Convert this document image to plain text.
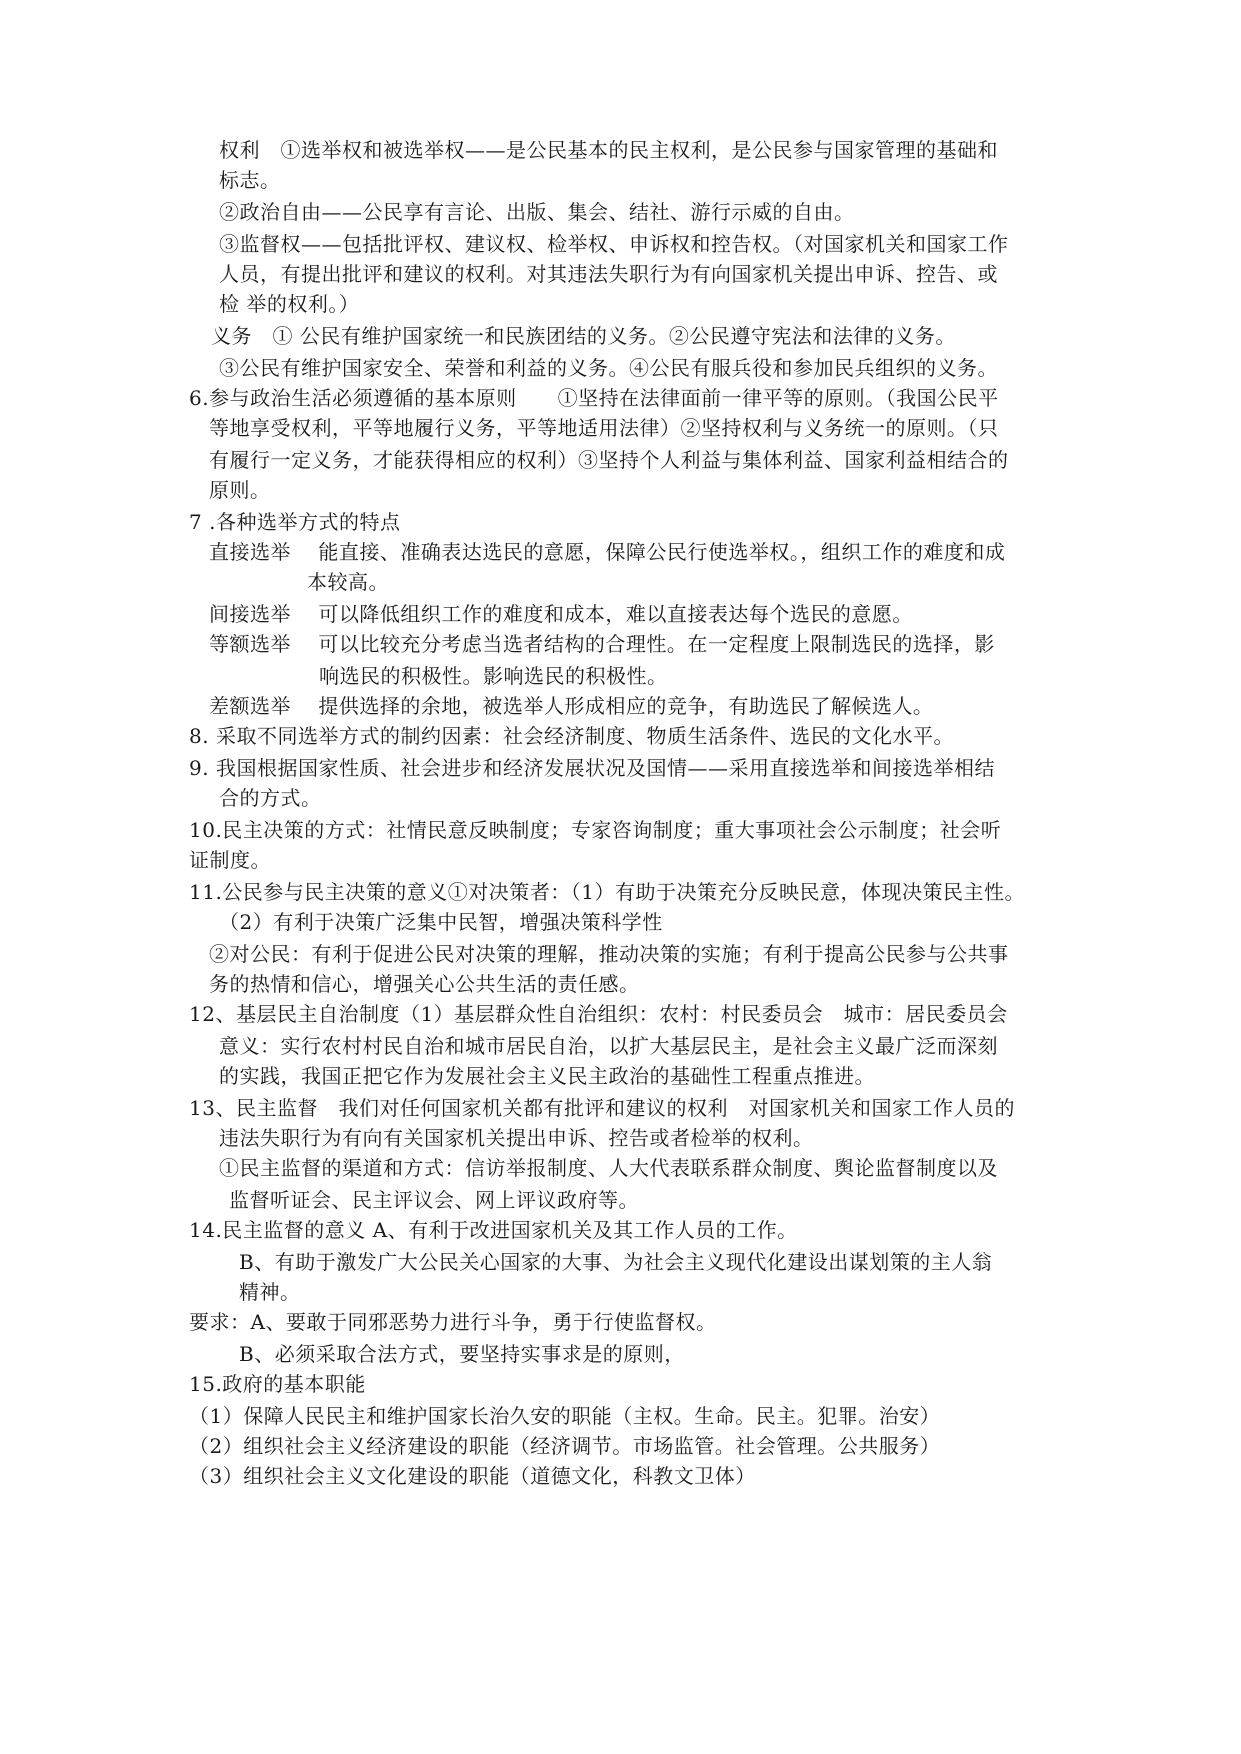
权利　①选举权和被选举权——是公民基本的民主权利，是公民参与国家管理的基础和
标志。
②政治自由——公民享有言论、出版、集会、结社、游行示威的自由。
③监督权——包括批评权、建议权、检举权、申诉权和控告权。（对国家机关和国家工作
人员，有提出批评和建议的权利。对其违法失职行为有向国家机关提出申诉、控告、或
检 举的权利。）
义务　① 公民有维护国家统一和民族团结的义务。②公民遵守宪法和法律的义务。
③公民有维护国家安全、荣誉和利益的义务。④公民有服兵役和参加民兵组织的义务。
6.参与政治生活必须遵循的基本原则　　①坚持在法律面前一律平等的原则。（我国公民平
等地享受权利，平等地履行义务，平等地适用法律）②坚持权利与义务统一的原则。（只
有履行一定义务，才能获得相应的权利）③坚持个人利益与集体利益、国家利益相结合的
原则。
7 .各种选举方式的特点
直接选举　 能直接、准确表达选民的意愿，保障公民行使选举权。，组织工作的难度和成
本较高。
间接选举　 可以降低组织工作的难度和成本，难以直接表达每个选民的意愿。
等额选举　 可以比较充分考虑当选者结构的合理性。在一定程度上限制选民的选择，影
响选民的积极性。影响选民的积极性。
差额选举　 提供选择的余地，被选举人形成相应的竞争，有助选民了解候选人。
8. 采取不同选举方式的制约因素：社会经济制度、物质生活条件、选民的文化水平。
9. 我国根据国家性质、社会进步和经济发展状况及国情——采用直接选举和间接选举相结
合的方式。
10.民主决策的方式：社情民意反映制度；专家咨询制度；重大事项社会公示制度；社会听
证制度。
11.公民参与民主决策的意义①对决策者：（1）有助于决策充分反映民意，体现决策民主性。
（2）有利于决策广泛集中民智，增强决策科学性
②对公民：有利于促进公民对决策的理解，推动决策的实施；有利于提高公民参与公共事
务的热情和信心，增强关心公共生活的责任感。
12、基层民主自治制度（1）基层群众性自治组织：农村：村民委员会　城市：居民委员会
意义：实行农村村民自治和城市居民自治，以扩大基层民主，是社会主义最广泛而深刻
的实践，我国正把它作为发展社会主义民主政治的基础性工程重点推进。
13、民主监督　我们对任何国家机关都有批评和建议的权利　对国家机关和国家工作人员的
违法失职行为有向有关国家机关提出申诉、控告或者检举的权利。
①民主监督的渠道和方式：信访举报制度、人大代表联系群众制度、舆论监督制度以及
监督听证会、民主评议会、网上评议政府等。
14.民主监督的意义 A、有利于改进国家机关及其工作人员的工作。
B、有助于激发广大公民关心国家的大事、为社会主义现代化建设出谋划策的主人翁
精神。
要求：A、要敢于同邪恶势力进行斗争，勇于行使监督权。
B、必须采取合法方式，要坚持实事求是的原则，
15.政府的基本职能
（1）保障人民民主和维护国家长治久安的职能（主权。生命。民主。犯罪。治安）
（2）组织社会主义经济建设的职能（经济调节。市场监管。社会管理。公共服务）
（3）组织社会主义文化建设的职能（道德文化，科教文卫体）
